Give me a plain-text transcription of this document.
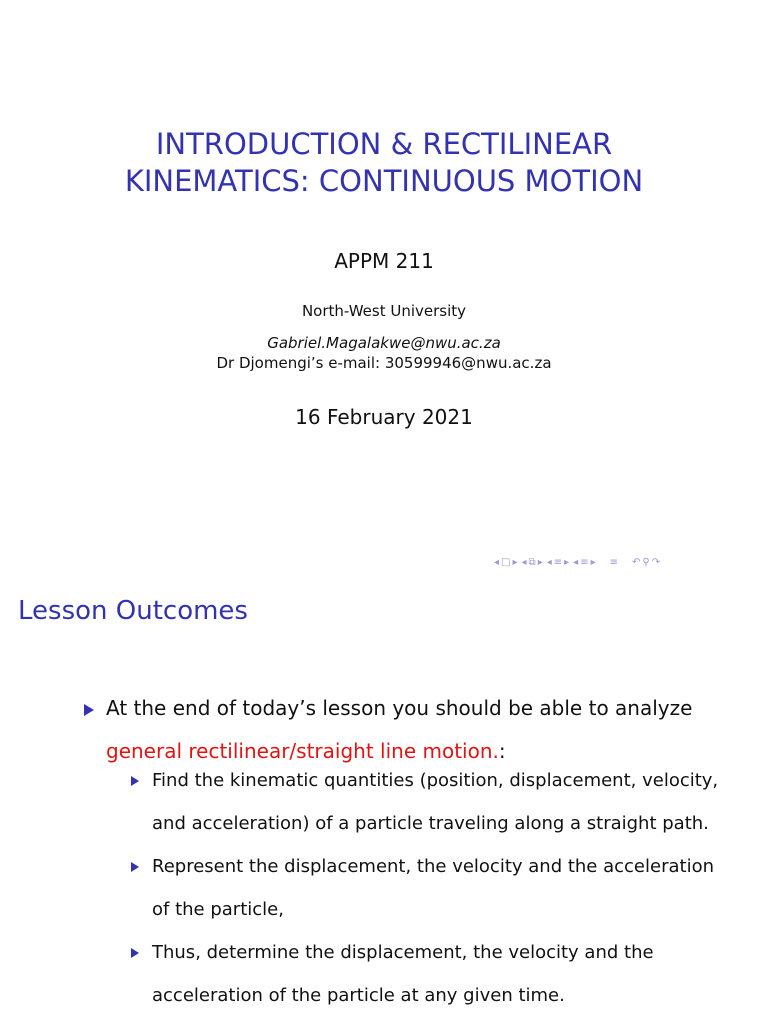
INTRODUCTION & RECTILINEAR
KINEMATICS: CONTINUOUS MOTION
APPM 211
North-West University
Gabriel.Magalakwe@nwu.ac.za
Dr Djomengi’s e-mail: 30599946@nwu.ac.za
16 February 2021
◂ □ ▸ ◂ ⧉ ▸ ◂ ≡ ▸ ◂ ≡ ▸ ≡ ↶ ⚲ ↷
Lesson Outcomes
At the end of today’s lesson you should be able to analyze
general rectilinear/straight line motion.:
Find the kinematic quantities (position, displacement, velocity,
and acceleration) of a particle traveling along a straight path.
Represent the displacement, the velocity and the acceleration
of the particle,
Thus, determine the displacement, the velocity and the
acceleration of the particle at any given time.
